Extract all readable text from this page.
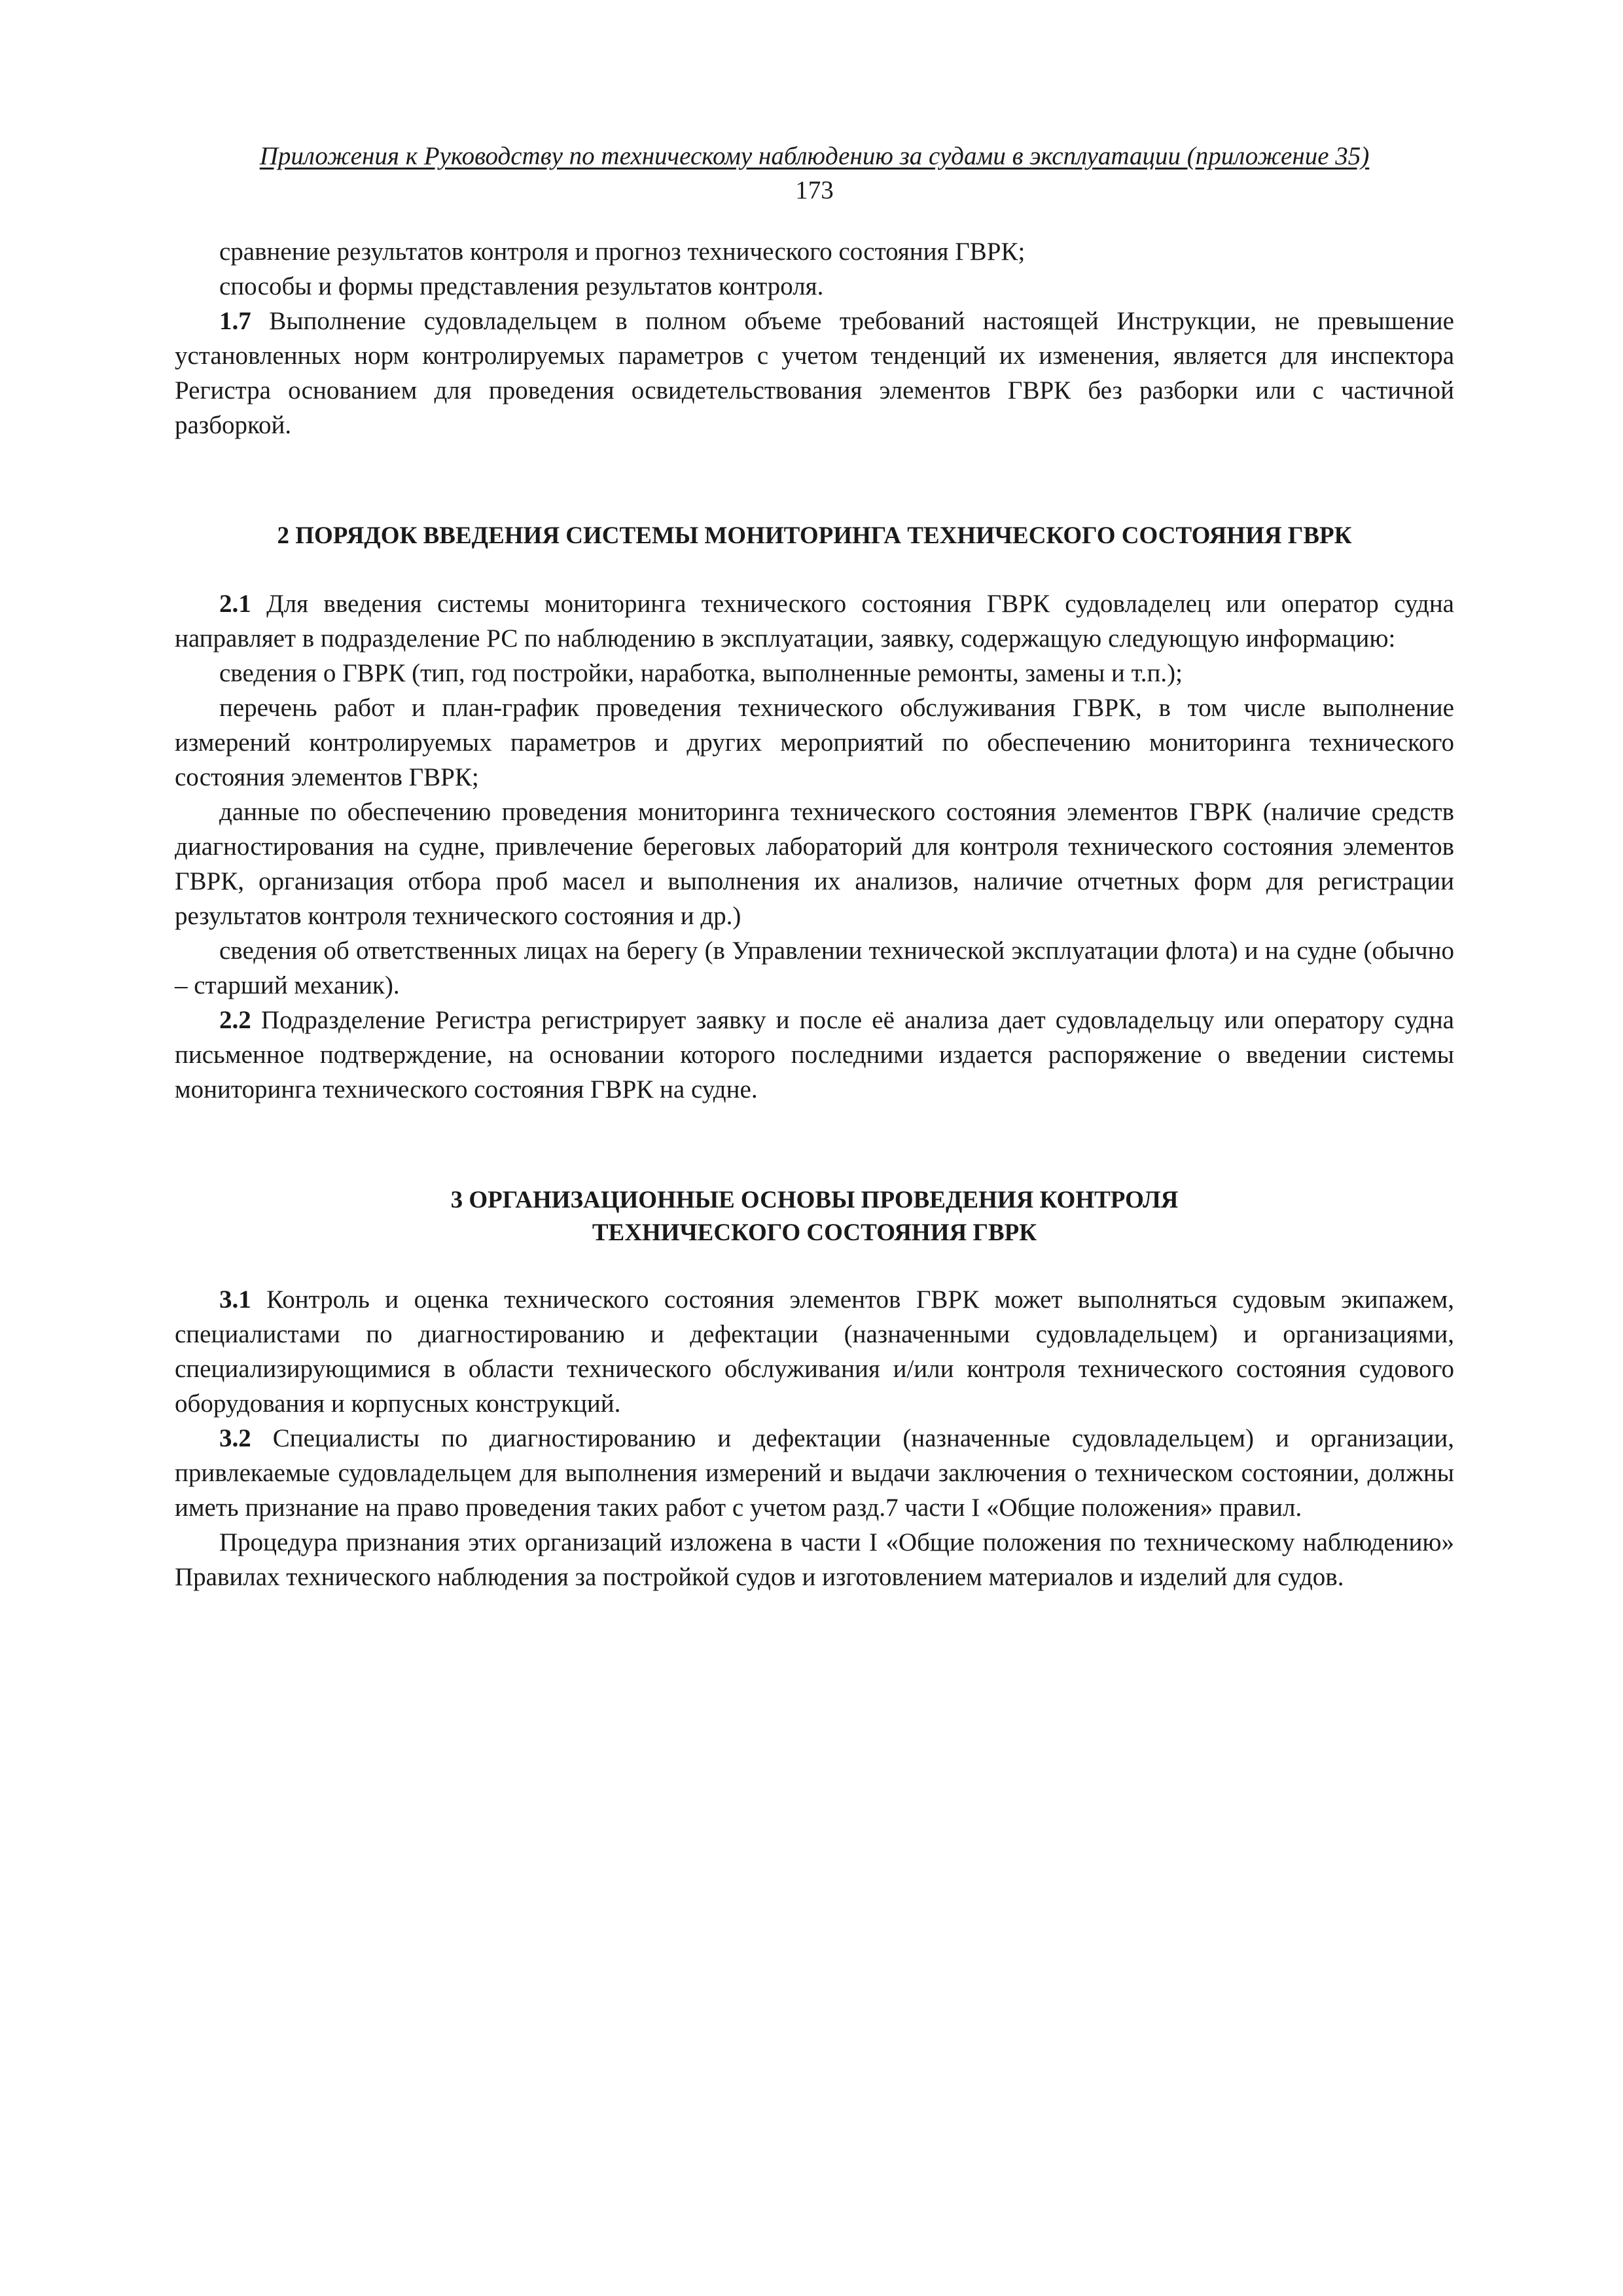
Приложения к Руководству по техническому наблюдению за судами в эксплуатации (приложение 35)
173

сравнение результатов контроля и прогноз технического состояния ГВРК;

способы и формы представления результатов контроля.

1.7 Выполнение судовладельцем в полном объеме требований настоящей Инструкции, не превышение установленных норм контролируемых параметров с учетом тенденций их изменения, является для инспектора Регистра основанием для проведения освидетельствования элементов ГВРК без разборки или с частичной разборкой.

2 ПОРЯДОК ВВЕДЕНИЯ СИСТЕМЫ МОНИТОРИНГА ТЕХНИЧЕСКОГО СОСТОЯНИЯ ГВРК

2.1 Для введения системы мониторинга технического состояния ГВРК судовладелец или оператор судна направляет в подразделение РС по наблюдению в эксплуатации, заявку, содержащую следующую информацию:

сведения о ГВРК (тип, год постройки, наработка, выполненные ремонты, замены и т.п.);

перечень работ и план-график проведения технического обслуживания ГВРК, в том числе выполнение измерений контролируемых параметров и других мероприятий по обеспечению мониторинга технического состояния элементов ГВРК;

данные по обеспечению проведения мониторинга технического состояния элементов ГВРК (наличие средств диагностирования на судне, привлечение береговых лабораторий для контроля технического состояния элементов ГВРК, организация отбора проб масел и выполнения их анализов, наличие отчетных форм для регистрации результатов контроля технического состояния и др.)

сведения об ответственных лицах на берегу (в Управлении технической эксплуатации флота) и на судне (обычно – старший механик).

2.2 Подразделение Регистра регистрирует заявку и после её анализа дает судовладельцу или оператору судна письменное подтверждение, на основании которого последними издается распоряжение о введении системы мониторинга технического состояния ГВРК на судне.

3 ОРГАНИЗАЦИОННЫЕ ОСНОВЫ ПРОВЕДЕНИЯ КОНТРОЛЯ
ТЕХНИЧЕСКОГО СОСТОЯНИЯ ГВРК

3.1 Контроль и оценка технического состояния элементов ГВРК может выполняться судовым экипажем, специалистами по диагностированию и дефектации (назначенными судовладельцем) и организациями, специализирующимися в области технического обслуживания и/или контроля технического состояния судового оборудования и корпусных конструкций.

3.2 Специалисты по диагностированию и дефектации (назначенные судовладельцем) и организации, привлекаемые судовладельцем для выполнения измерений и выдачи заключения о техническом состоянии, должны иметь признание на право проведения таких работ с учетом разд.7 части I «Общие положения» правил.

Процедура признания этих организаций изложена в части I «Общие положения по техническому наблюдению» Правилах технического наблюдения за постройкой судов и изготовлением материалов и изделий для судов.
